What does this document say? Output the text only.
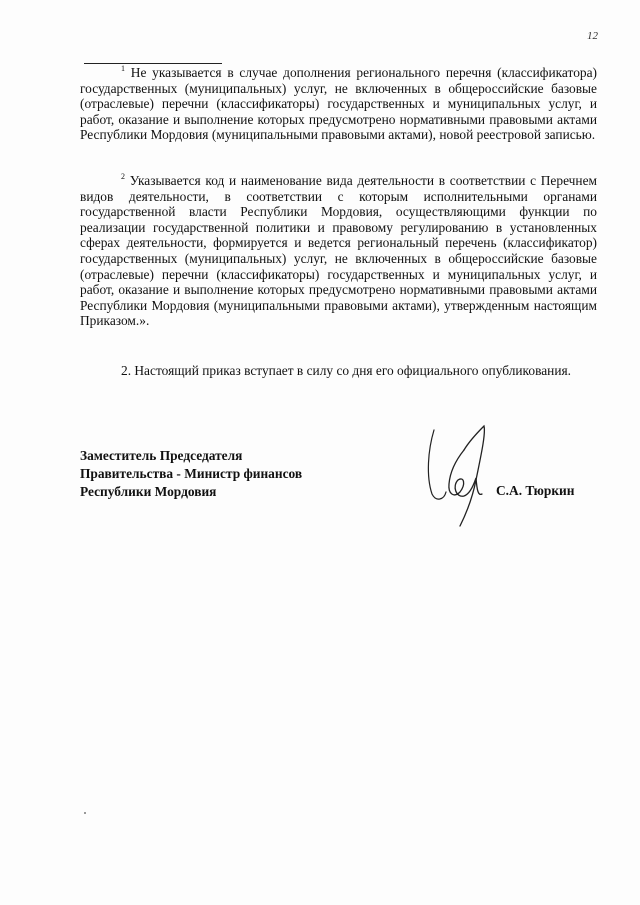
12

$^1$ Не указывается в случае дополнения регионального перечня (классификатора) государственных (муниципальных) услуг, не включенных в общероссийские базовые (отраслевые) перечни (классификаторы) государственных и муниципальных услуг, и работ, оказание и выполнение которых предусмотрено нормативными правовыми актами Республики Мордовия (муниципальными правовыми актами), новой реестровой записью.

$^2$ Указывается код и наименование вида деятельности в соответствии с Перечнем видов деятельности, в соответствии с которым исполнительными органами государственной власти Республики Мордовия, осуществляющими функции по реализации государственной политики и правовому регулированию в установленных сферах деятельности, формируется и ведется региональный перечень (классификатор) государственных (муниципальных) услуг, не включенных в общероссийские базовые (отраслевые) перечни (классификаторы) государственных и муниципальных услуг, и работ, оказание и выполнение которых предусмотрено нормативными правовыми актами Республики Мордовия (муниципальными правовыми актами), утвержденным настоящим Приказом.».

2. Настоящий приказ вступает в силу со дня его официального опубликования.

Заместитель Председателя
Правительства - Министр финансов
Республики Мордовия	С.А. Тюркин
